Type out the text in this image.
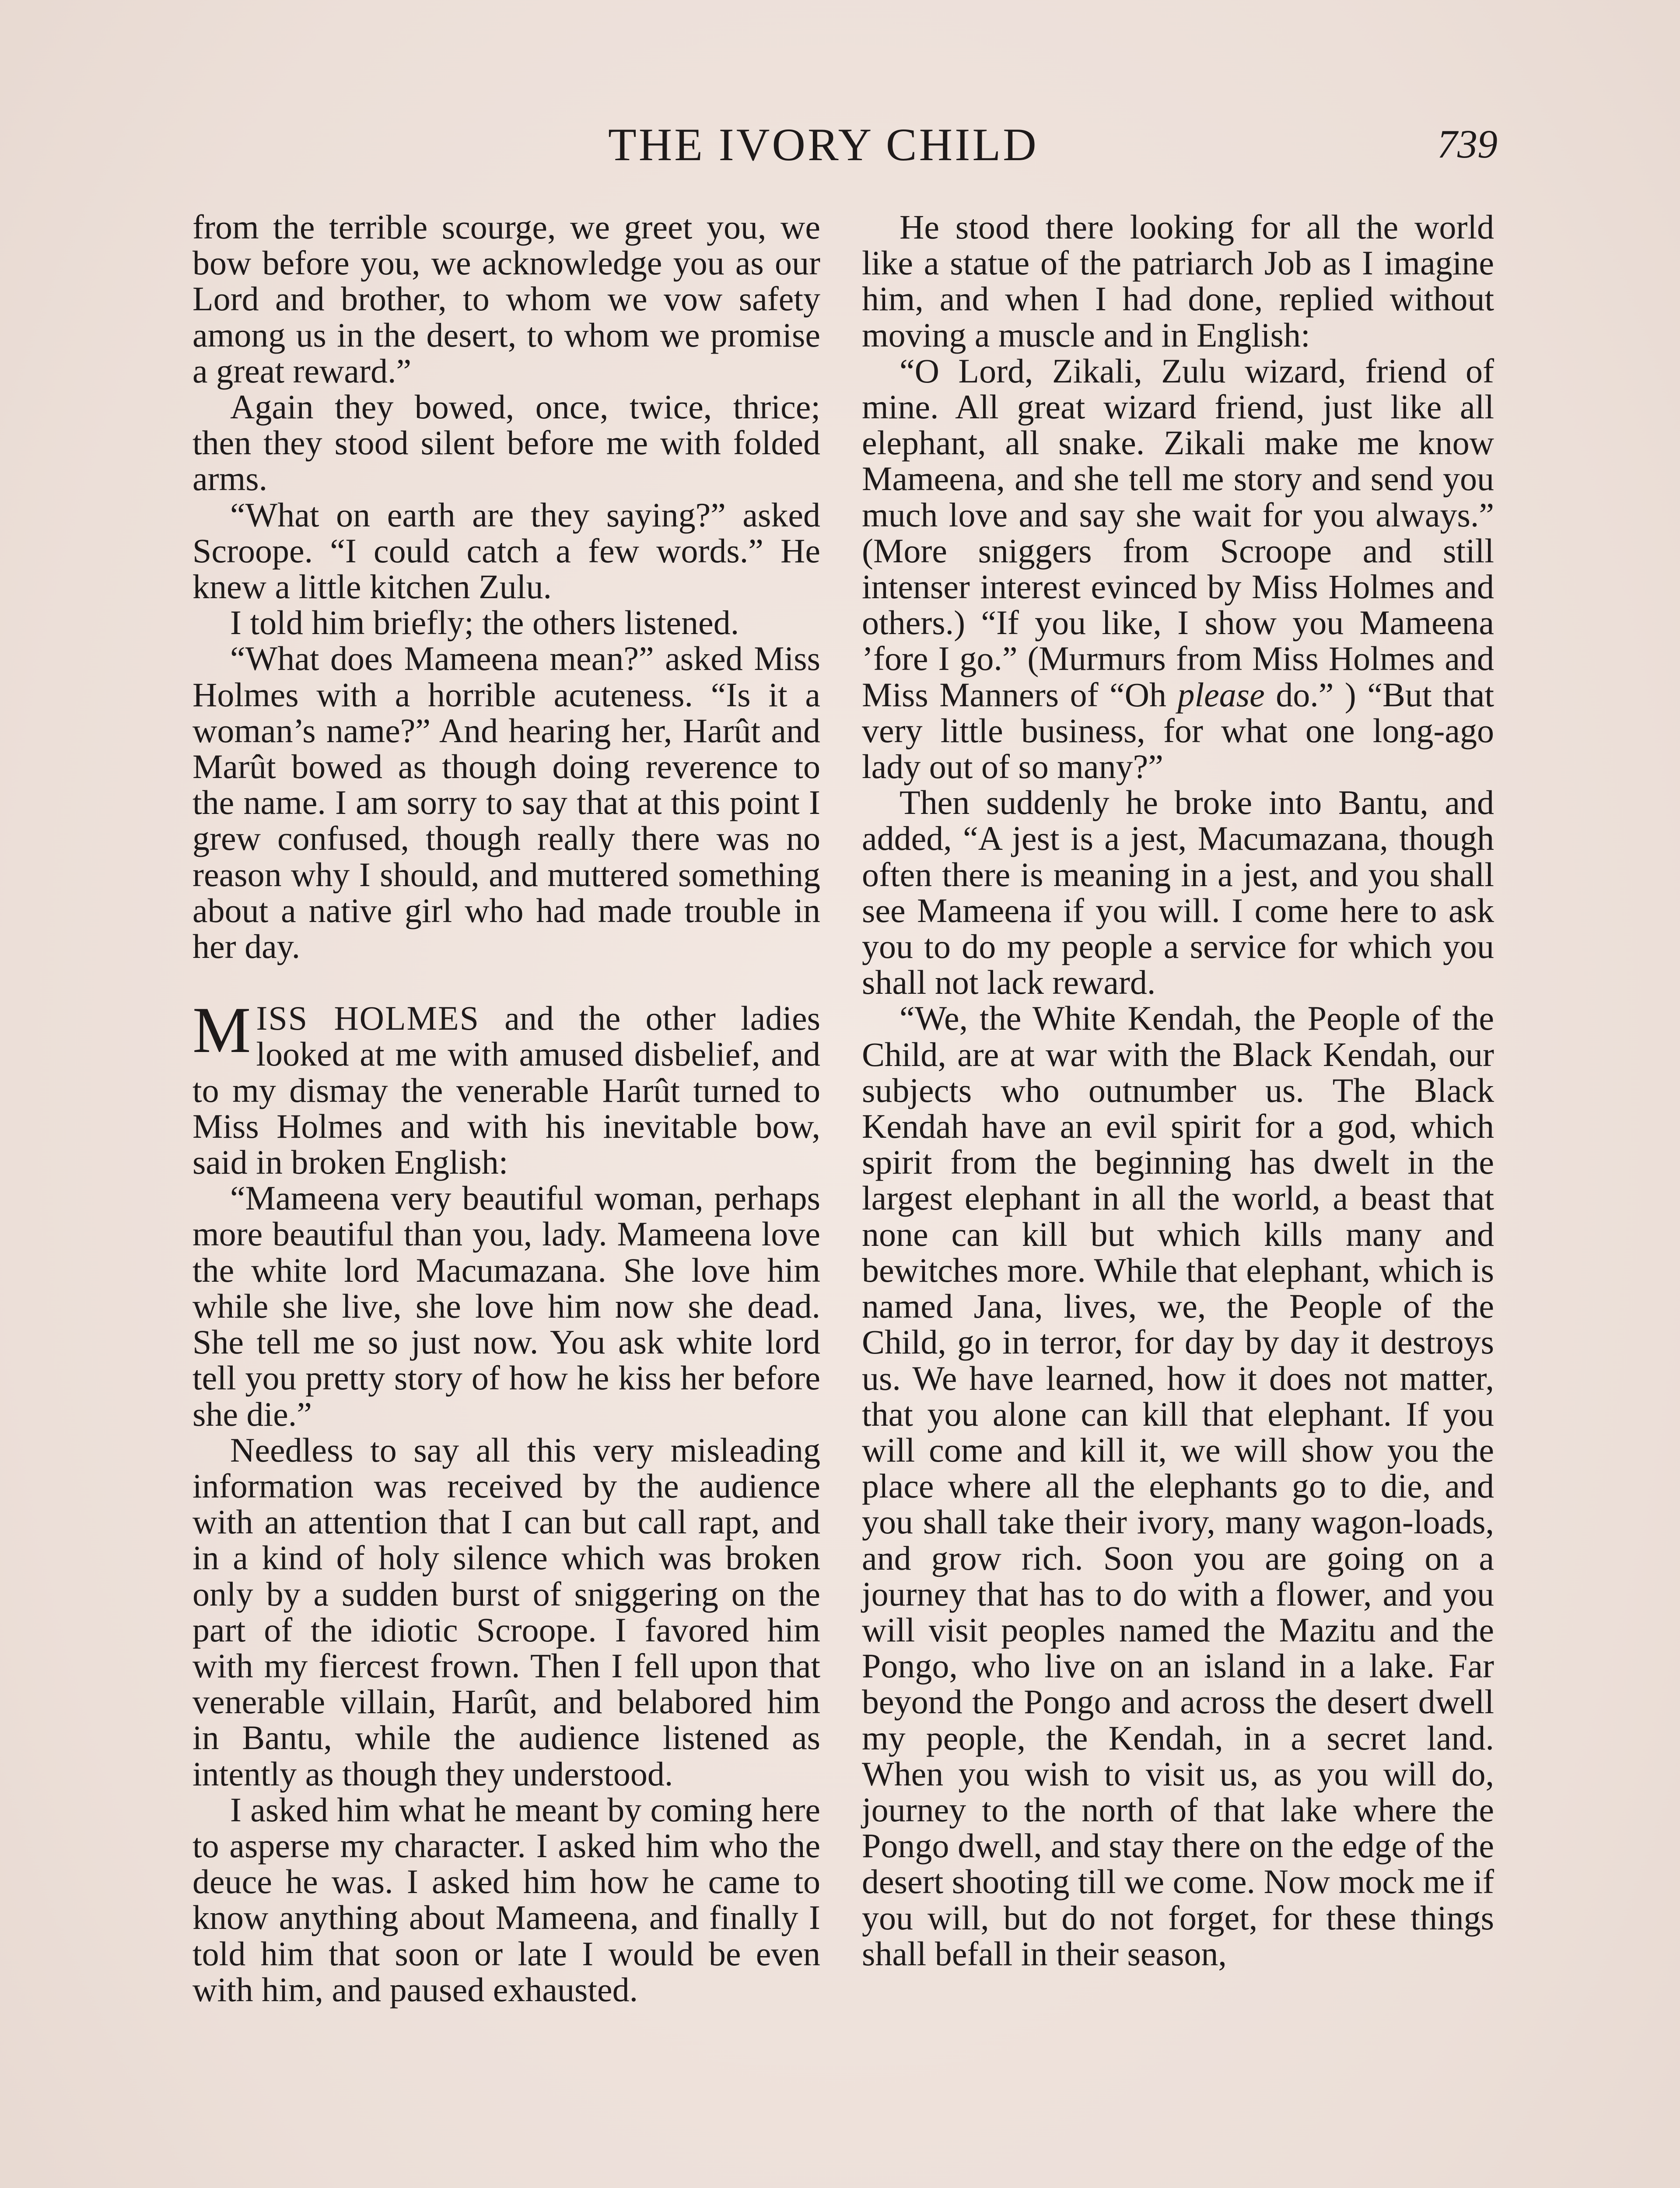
THE IVORY CHILD	739

from the terrible scourge, we greet you, we bow before you, we acknowledge you as our Lord and brother, to whom we vow safety among us in the desert, to whom we promise a great reward.”

Again they bowed, once, twice, thrice; then they stood silent before me with folded arms.

“What on earth are they saying?” asked Scroope. “I could catch a few words.” He knew a little kitchen Zulu.

I told him briefly; the others listened.

“What does Mameena mean?” asked Miss Holmes with a horrible acuteness. “Is it a woman’s name?” And hearing her, Harût and Marût bowed as though doing reverence to the name. I am sorry to say that at this point I grew confused, though really there was no reason why I should, and muttered something about a native girl who had made trouble in her day.

MISS HOLMES and the other ladies looked at me with amused disbelief, and to my dismay the venerable Harût turned to Miss Holmes and with his inevitable bow, said in broken English:

“Mameena very beautiful woman, perhaps more beautiful than you, lady. Mameena love the white lord Macumazana. She love him while she live, she love him now she dead. She tell me so just now. You ask white lord tell you pretty story of how he kiss her before she die.”

Needless to say all this very misleading information was received by the audience with an attention that I can but call rapt, and in a kind of holy silence which was broken only by a sudden burst of sniggering on the part of the idiotic Scroope. I favored him with my fiercest frown. Then I fell upon that venerable villain, Harût, and belabored him in Bantu, while the audience listened as intently as though they understood.

I asked him what he meant by coming here to asperse my character. I asked him who the deuce he was. I asked him how he came to know anything about Mameena, and finally I told him that soon or late I would be even with him, and paused exhausted.

He stood there looking for all the world like a statue of the patriarch Job as I imagine him, and when I had done, replied without moving a muscle and in English:

“O Lord, Zikali, Zulu wizard, friend of mine. All great wizard friend, just like all elephant, all snake. Zikali make me know Mameena, and she tell me story and send you much love and say she wait for you always.” (More sniggers from Scroope and still intenser interest evinced by Miss Holmes and others.) “If you like, I show you Mameena ’fore I go.” (Murmurs from Miss Holmes and Miss Manners of “Oh please do.” ) “But that very little business, for what one long-ago lady out of so many?”

Then suddenly he broke into Bantu, and added, “A jest is a jest, Macumazana, though often there is meaning in a jest, and you shall see Mameena if you will. I come here to ask you to do my people a service for which you shall not lack reward.

“We, the White Kendah, the People of the Child, are at war with the Black Kendah, our subjects who outnumber us. The Black Kendah have an evil spirit for a god, which spirit from the beginning has dwelt in the largest elephant in all the world, a beast that none can kill but which kills many and bewitches more. While that elephant, which is named Jana, lives, we, the People of the Child, go in terror, for day by day it destroys us. We have learned, how it does not matter, that you alone can kill that elephant. If you will come and kill it, we will show you the place where all the elephants go to die, and you shall take their ivory, many wagon-loads, and grow rich. Soon you are going on a journey that has to do with a flower, and you will visit peoples named the Mazitu and the Pongo, who live on an island in a lake. Far beyond the Pongo and across the desert dwell my people, the Kendah, in a secret land. When you wish to visit us, as you will do, journey to the north of that lake where the Pongo dwell, and stay there on the edge of the desert shooting till we come. Now mock me if you will, but do not forget, for these things shall befall in their season,
